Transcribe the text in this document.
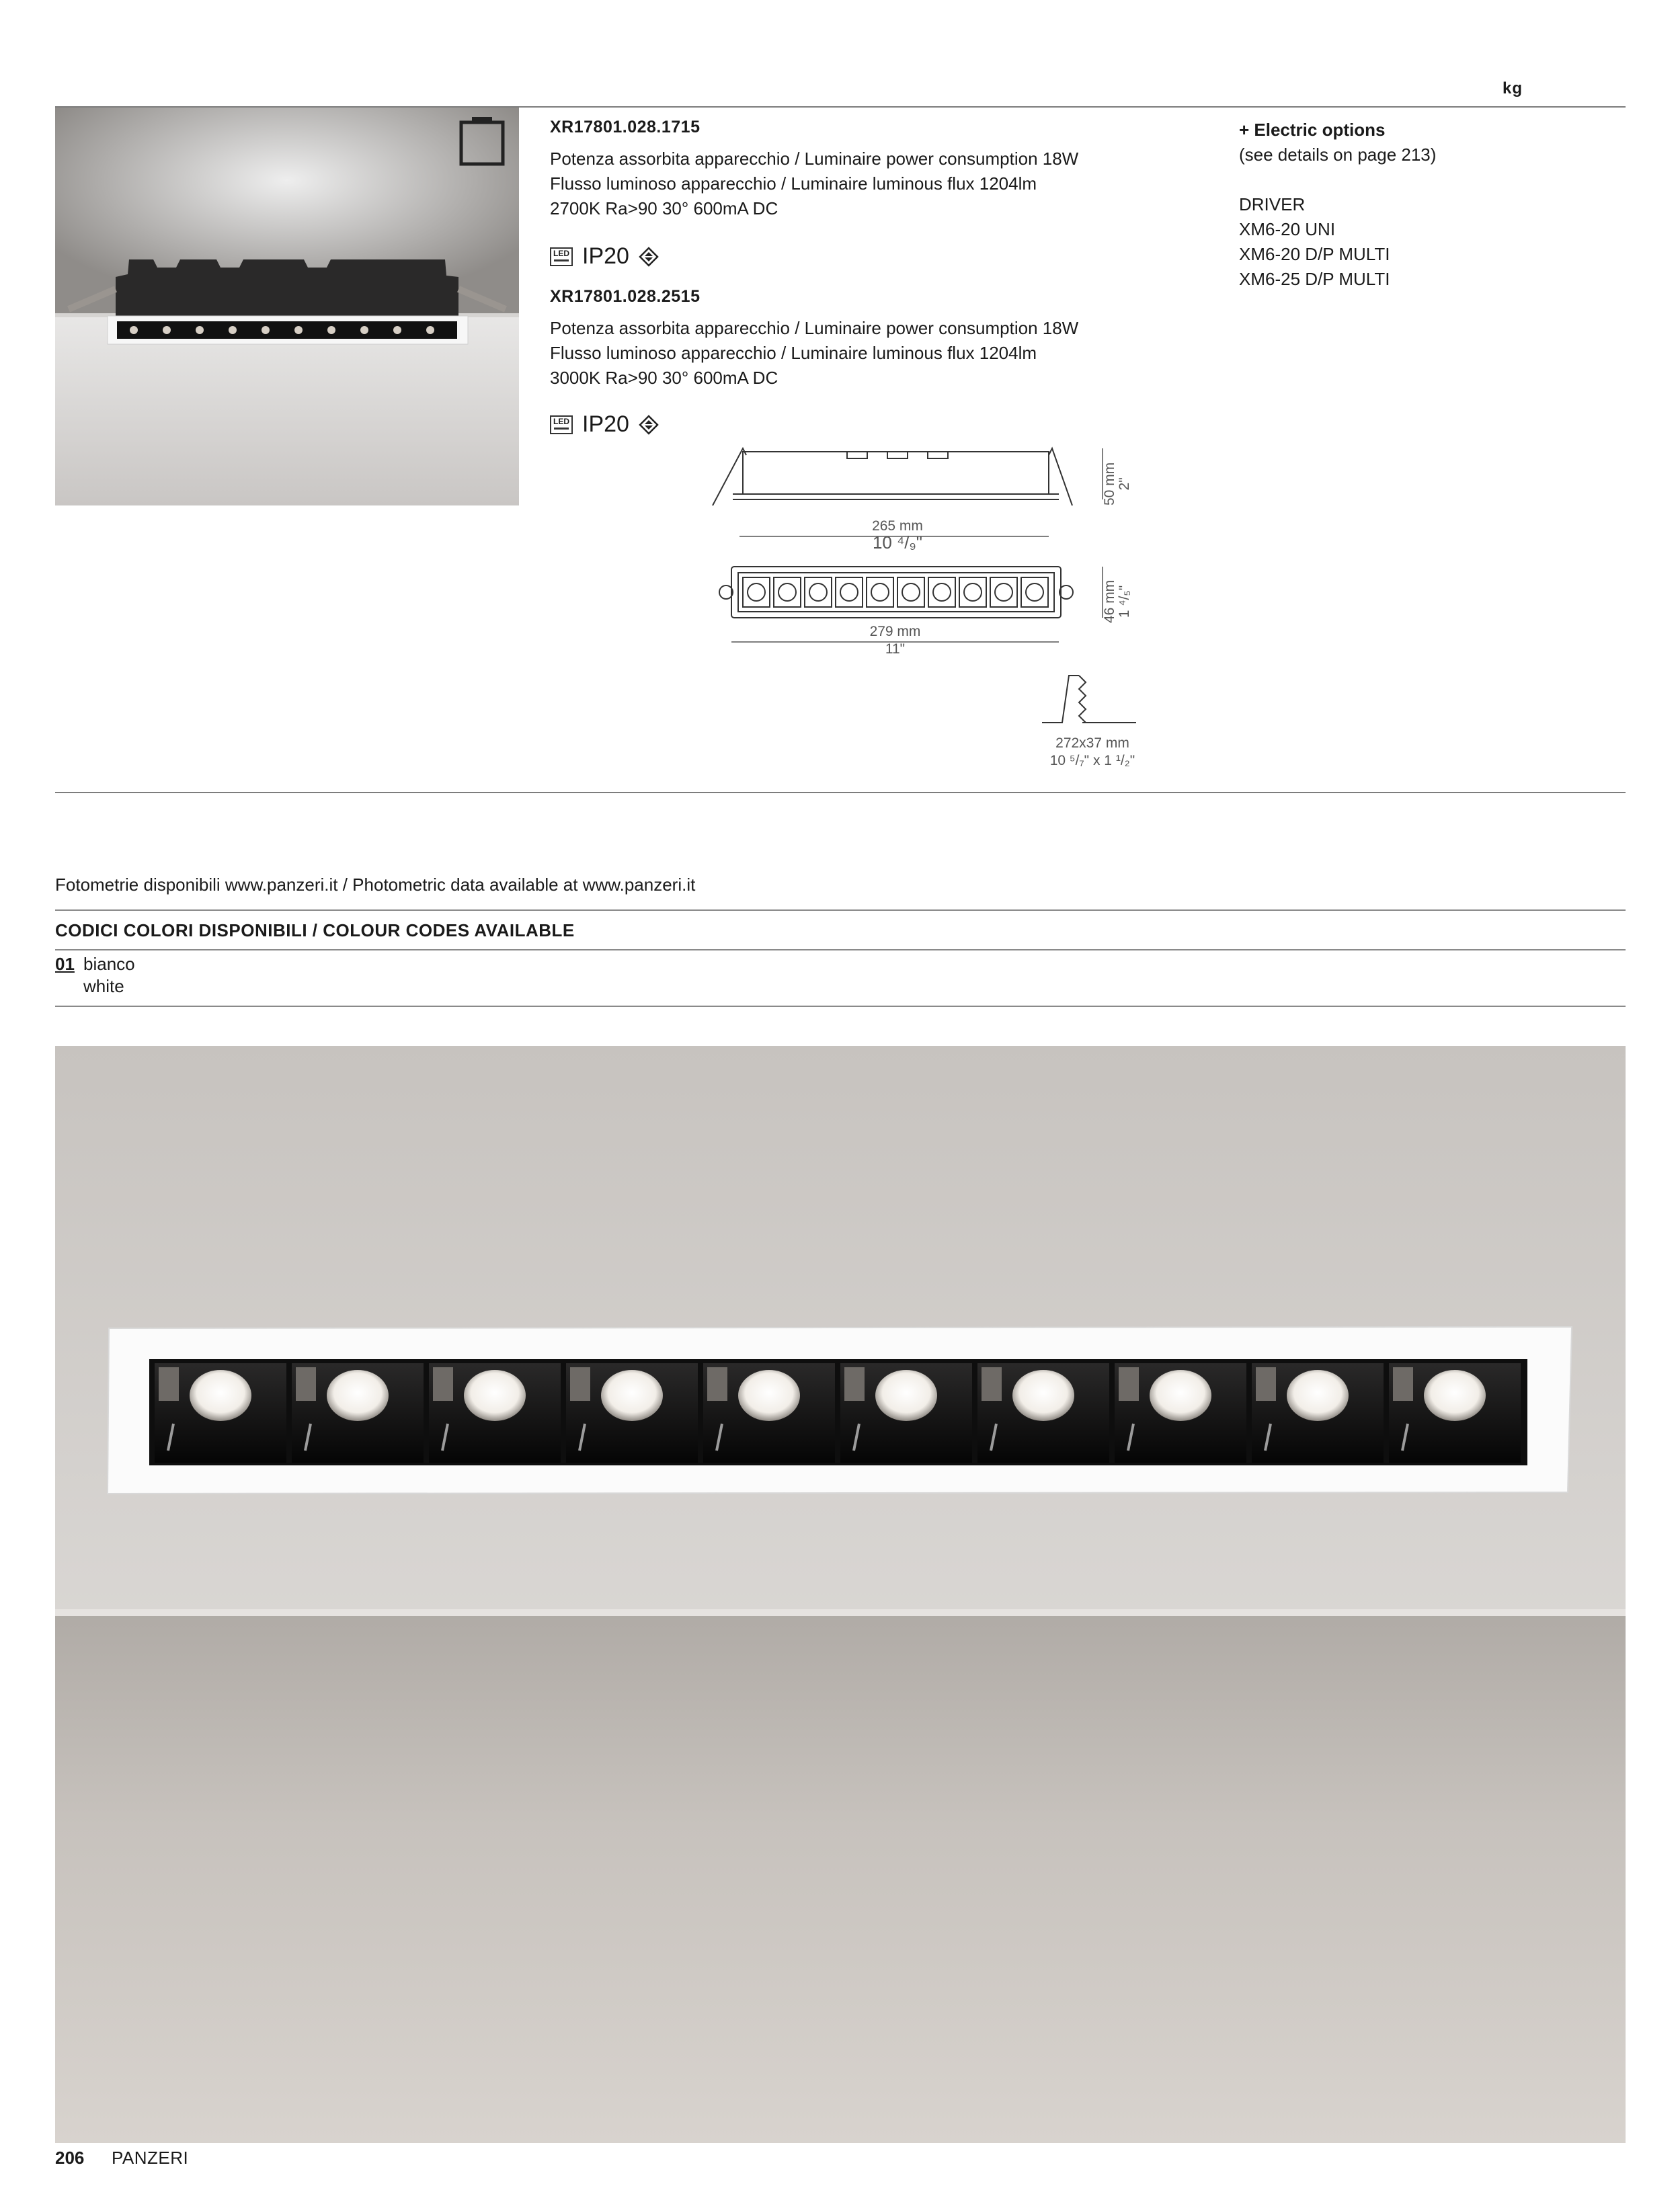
kg
XR17801.028.1715
Potenza assorbita apparecchio / Luminaire power consumption 18W
Flusso luminoso apparecchio / Luminaire luminous flux 1204lm
2700K Ra>90 30° 600mA DC
LED IP20
XR17801.028.2515
Potenza assorbita apparecchio / Luminaire power consumption 18W
Flusso luminoso apparecchio / Luminaire luminous flux 1204lm
3000K Ra>90 30° 600mA DC
LED IP20
+ Electric options
(see details on page 213)
DRIVER
XM6-20 UNI
XM6-20 D/P MULTI
XM6-25 D/P MULTI
50 mm 2"
265 mm
10 ⁴/₉"
46 mm 1 ⁴/₅"
279 mm
11"
272x37 mm
10 ⁵/₇" x 1 ¹/₂"
Fotometrie disponibili www.panzeri.it / Photometric data available at www.panzeri.it
CODICI COLORI DISPONIBILI / COLOUR CODES AVAILABLE
01 bianco
white
206 PANZERI
